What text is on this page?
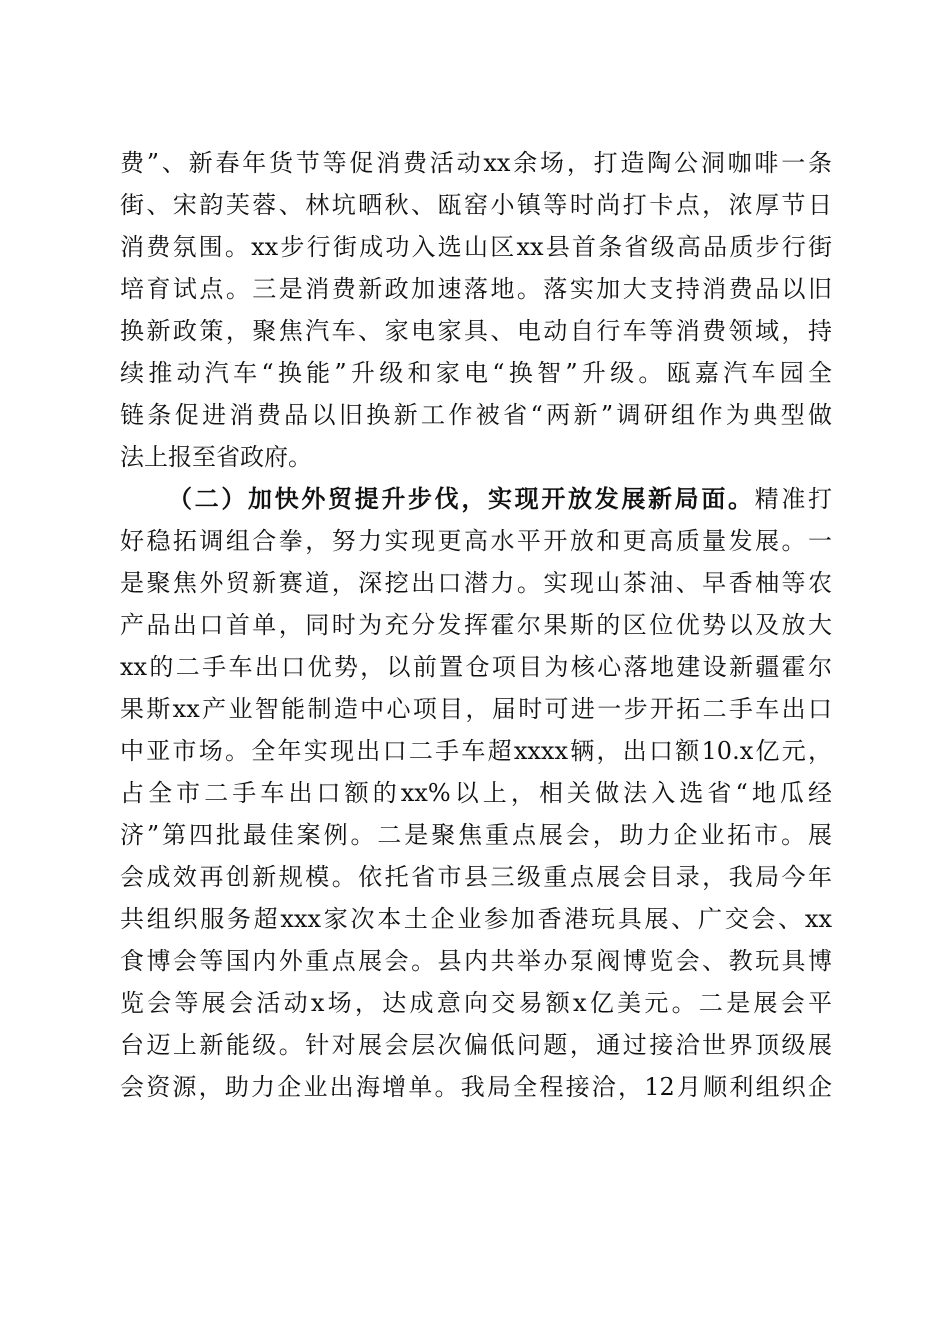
费”、新春年货节等促消费活动xx余场，打造陶公洞咖啡一条
街、宋韵芙蓉、林坑晒秋、瓯窑小镇等时尚打卡点，浓厚节日
消费氛围。xx步行街成功入选山区xx县首条省级高品质步行街
培育试点。三是消费新政加速落地。落实加大支持消费品以旧
换新政策，聚焦汽车、家电家具、电动自行车等消费领域，持
续推动汽车“换能”升级和家电“换智”升级。瓯嘉汽车园全
链条促进消费品以旧换新工作被省“两新”调研组作为典型做
法上报至省政府。
（二）加快外贸提升步伐，实现开放发展新局面。精准打
好稳拓调组合拳，努力实现更高水平开放和更高质量发展。一
是聚焦外贸新赛道，深挖出口潜力。实现山茶油、早香柚等农
产品出口首单，同时为充分发挥霍尔果斯的区位优势以及放大
xx的二手车出口优势，以前置仓项目为核心落地建设新疆霍尔
果斯xx产业智能制造中心项目，届时可进一步开拓二手车出口
中亚市场。全年实现出口二手车超xxxx辆，出口额10.x亿元，
占全市二手车出口额的xx%以上，相关做法入选省“地瓜经
济”第四批最佳案例。二是聚焦重点展会，助力企业拓市。展
会成效再创新规模。依托省市县三级重点展会目录，我局今年
共组织服务超xxx家次本土企业参加香港玩具展、广交会、xx
食博会等国内外重点展会。县内共举办泵阀博览会、教玩具博
览会等展会活动x场，达成意向交易额x亿美元。二是展会平
台迈上新能级。针对展会层次偏低问题，通过接洽世界顶级展
会资源，助力企业出海增单。我局全程接洽，12月顺利组织企
